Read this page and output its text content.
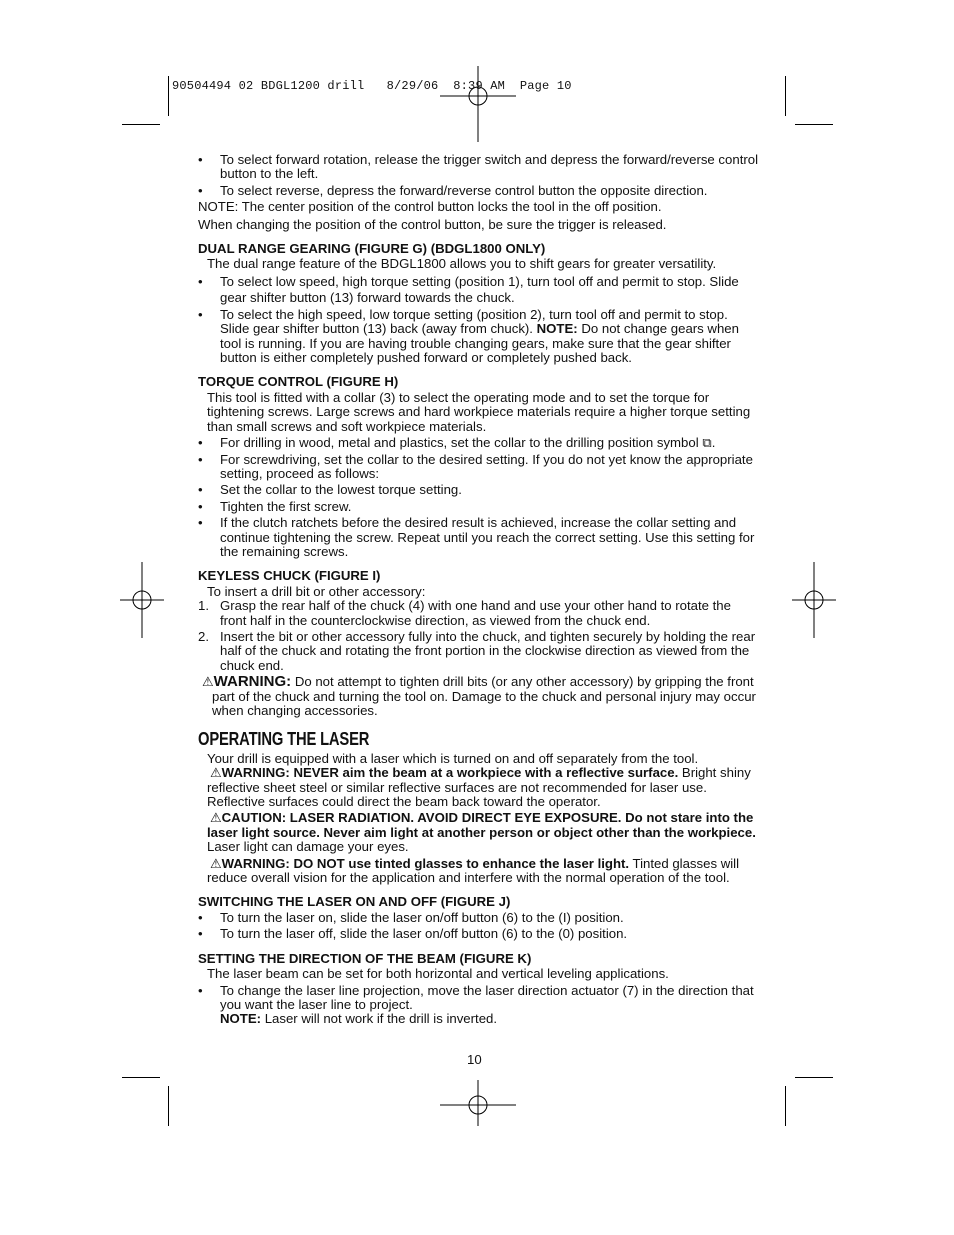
90504494 02 BDGL1200 drill   8/29/06  8:39 AM  Page 10
•	To select forward rotation, release the trigger switch and depress the forward/reverse control button to the left.
•	To select reverse, depress the forward/reverse control button the opposite direction.

NOTE: The center position of the control button locks the tool in the off position.

When changing the position of the control button, be sure the trigger is released.

DUAL RANGE GEARING (FIGURE G) (BDGL1800 ONLY)

The dual range feature of the BDGL1800 allows you to shift gears for greater versatility.

•	To select low speed, high torque setting (position 1), turn tool off and permit to stop. Slide gear shifter button (13) forward towards the chuck.
•	To select the high speed, low torque setting (position 2), turn tool off and permit to stop. Slide gear shifter button (13) back (away from chuck). NOTE: Do not change gears when tool is running. If you are having trouble changing gears, make sure that the gear shifter button is either completely pushed forward or completely pushed back.
TORQUE CONTROL (FIGURE H)

This tool is fitted with a collar (3) to select the operating mode and to set the torque for tightening screws. Large screws and hard workpiece materials require a higher torque setting than small screws and soft workpiece materials.

•	For drilling in wood, metal and plastics, set the collar to the drilling position symbol ⧉.
•	For screwdriving, set the collar to the desired setting. If you do not yet know the appropriate setting, proceed as follows:
•	Set the collar to the lowest torque setting.
•	Tighten the first screw.
•	If the clutch ratchets before the desired result is achieved, increase the collar setting and continue tightening the screw. Repeat until you reach the correct setting. Use this setting for the remaining screws.
KEYLESS CHUCK (FIGURE I)

To insert a drill bit or other accessory:

1. Grasp the rear half of the chuck (4) with one hand and use your other hand to rotate the front half in the counterclockwise direction, as viewed from the chuck end.
2. Insert the bit or other accessory fully into the chuck, and tighten securely by holding the rear half of the chuck and rotating the front portion in the clockwise direction as viewed from the chuck end.

⚠WARNING: Do not attempt to tighten drill bits (or any other accessory) by gripping the front part of the chuck and turning the tool on. Damage to the chuck and personal injury may occur when changing accessories.

OPERATING THE LASER

Your drill is equipped with a laser which is turned on and off separately from the tool.

⚠WARNING: NEVER aim the beam at a workpiece with a reflective surface. Bright shiny reflective sheet steel or similar reflective surfaces are not recommended for laser use. Reflective surfaces could direct the beam back toward the operator.

⚠CAUTION: LASER RADIATION. AVOID DIRECT EYE EXPOSURE. Do not stare into the laser light source. Never aim light at another person or object other than the workpiece. Laser light can damage your eyes.

⚠WARNING: DO NOT use tinted glasses to enhance the laser light. Tinted glasses will reduce overall vision for the application and interfere with the normal operation of the tool.

SWITCHING THE LASER ON AND OFF (FIGURE J)
•	To turn the laser on, slide the laser on/off button (6) to the (I) position.
•	To turn the laser off, slide the laser on/off button (6) to the (0) position.
SETTING THE DIRECTION OF THE BEAM (FIGURE K)

The laser beam can be set for both horizontal and vertical leveling applications.

•	To change the laser line projection, move the laser direction actuator (7) in the direction that you want the laser line to project.
NOTE: Laser will not work if the drill is inverted.
10
